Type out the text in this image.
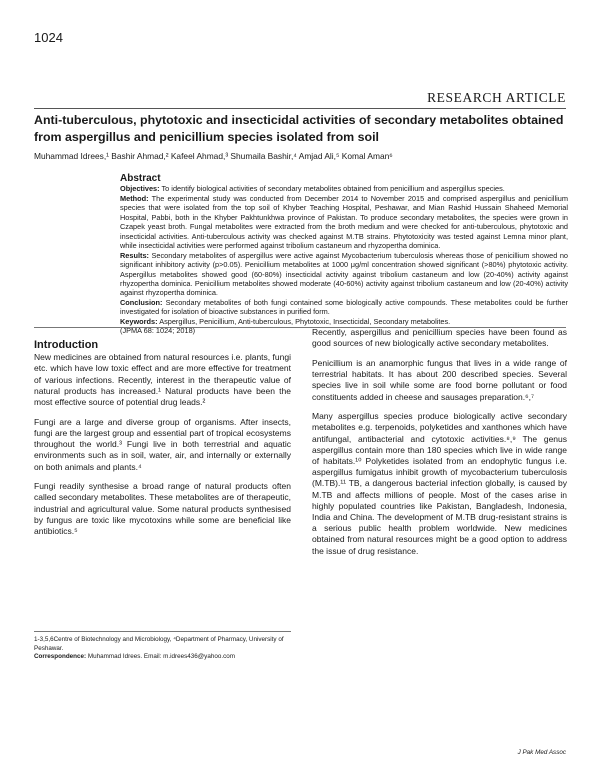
1024
RESEARCH ARTICLE
Anti-tuberculous, phytotoxic and insecticidal activities of secondary metabolites obtained from aspergillus and penicillium species isolated from soil
Muhammad Idrees,¹ Bashir Ahmad,² Kafeel Ahmad,³ Shumaila Bashir,⁴ Amjad Ali,⁵ Komal Aman⁶
Abstract

Objectives: To identify biological activities of secondary metabolites obtained from penicillium and aspergillus species.

Method: The experimental study was conducted from December 2014 to November 2015 and comprised aspergillus and penicillium species that were isolated from the top soil of Khyber Teaching Hospital, Peshawar, and Mian Rashid Hussain Shaheed Memorial Hospital, Pabbi, both in the Khyber Pakhtunkhwa province of Pakistan. To produce secondary metabolites, the species were grown in Czapek yeast broth. Fungal metabolites were extracted from the broth medium and were checked for anti-tuberculous, phytotoxic and insecticidal activities. Anti-tuberculous activity was checked against M.TB strains. Phytotoxicity was tested against Lemna minor plant, while insecticidal activities were performed against tribolium castaneum and rhyzopertha dominica.

Results: Secondary metabolites of aspergillus were active against Mycobacterium tuberculosis whereas those of penicillium showed no significant inhibitory activity (p>0.05). Penicillium metabolites at 1000 μg/ml concentration showed significant (>80%) phytotoxic activity. Aspergillus metabolites showed good (60-80%) insecticidal activity against tribolium castaneum and low (20-40%) activity against rhyzopertha dominica. Penicillium metabolites showed moderate (40-60%) activity against tribolium castaneum and low (20-40%) activity against rhyzopertha dominica.

Conclusion: Secondary metabolites of both fungi contained some biologically active compounds. These metabolites could be further investigated for isolation of bioactive substances in purified form.

Keywords: Aspergillus, Penicillium, Anti-tuberculous, Phytotoxic, Insecticidal, Secondary metabolites.

(JPMA 68: 1024; 2018)

Introduction

New medicines are obtained from natural resources i.e. plants, fungi etc. which have low toxic effect and are more effective for treatment of various infections. Recently, interest in the therapeutic value of natural products has increased.¹ Natural products have been the most effective source of potential drug leads.²

Fungi are a large and diverse group of organisms. After insects, fungi are the largest group and essential part of tropical ecosystems throughout the world.³ Fungi live in both terrestrial and aquatic environments such as in soil, water, air, and internally or externally on both animals and plants.⁴

Fungi readily synthesise a broad range of natural products often called secondary metabolites. These metabolites are of therapeutic, industrial and agricultural value. Some natural products synthesised by fungus are toxic like mycotoxins while some are beneficial like antibiotics.⁵

Recently, aspergillus and penicillium species have been found as good sources of new biologically active secondary metabolites.

Penicillium is an anamorphic fungus that lives in a wide range of terrestrial habitats. It has about 200 described species. Several species live in soil while some are food borne pollutant or food constituents added in cheese and sausages preparation.⁶,⁷

Many aspergillus species produce biologically active secondary metabolites e.g. terpenoids, polyketides and xanthones which have antifungal, antibacterial and cytotoxic activities.⁸,⁹ The genus aspergillus contain more than 180 species which live in wide range of habitats.¹⁰ Polyketides isolated from an endophytic fungus i.e. aspergillus fumigatus inhibit growth of mycobacterium tuberculosis (M.TB).¹¹ TB, a dangerous bacterial infection globally, is caused by M.TB and affects millions of people. Most of the cases arise in highly populated countries like Pakistan, Bangladesh, Indonesia, India and China. The development of M.TB drug-resistant strains is a serious public health problem worldwide. New medicines obtained from natural resources might be a good option to address the issue of drug resistance.

1-3,5,6Centre of Biotechnology and Microbiology, ⁴Department of Pharmacy, University of Peshawar.

Correspondence: Muhammad Idrees. Email: m.idrees436@yahoo.com

J Pak Med Assoc
